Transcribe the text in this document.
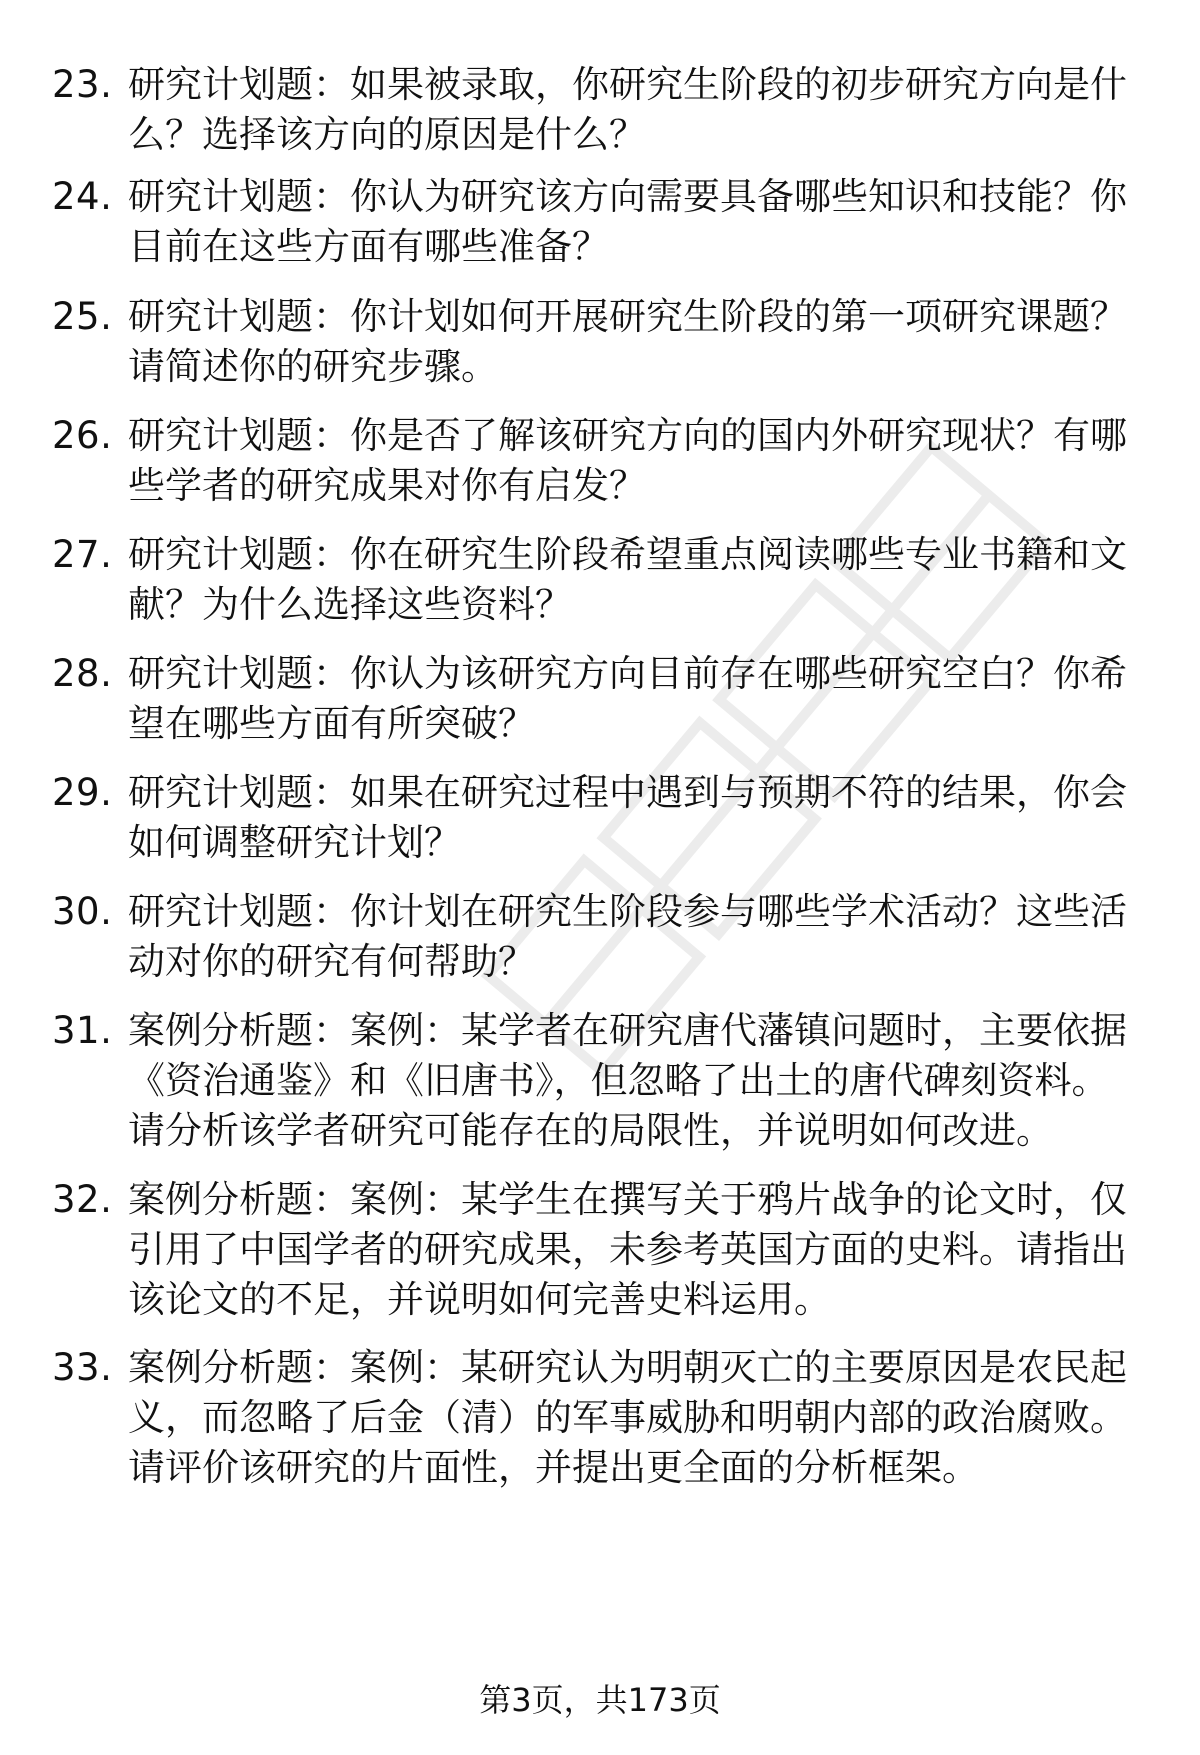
23. 研究计划题：如果被录取，你研究生阶段的初步研究方向是什么？选择该方向的原因是什么？
24. 研究计划题：你认为研究该方向需要具备哪些知识和技能？你目前在这些方面有哪些准备？
25. 研究计划题：你计划如何开展研究生阶段的第一项研究课题？请简述你的研究步骤。
26. 研究计划题：你是否了解该研究方向的国内外研究现状？有哪些学者的研究成果对你有启发？
27. 研究计划题：你在研究生阶段希望重点阅读哪些专业书籍和文献？为什么选择这些资料？
28. 研究计划题：你认为该研究方向目前存在哪些研究空白？你希望在哪些方面有所突破？
29. 研究计划题：如果在研究过程中遇到与预期不符的结果，你会如何调整研究计划？
30. 研究计划题：你计划在研究生阶段参与哪些学术活动？这些活动对你的研究有何帮助？
31. 案例分析题：案例：某学者在研究唐代藩镇问题时，主要依据《资治通鉴》和《旧唐书》，但忽略了出土的唐代碑刻资料。请分析该学者研究可能存在的局限性，并说明如何改进。
32. 案例分析题：案例：某学生在撰写关于鸦片战争的论文时，仅引用了中国学者的研究成果，未参考英国方面的史料。请指出该论文的不足，并说明如何完善史料运用。
33. 案例分析题：案例：某研究认为明朝灭亡的主要原因是农民起义，而忽略了后金（清）的军事威胁和明朝内部的政治腐败。请评价该研究的片面性，并提出更全面的分析框架。
第3页，共173页
